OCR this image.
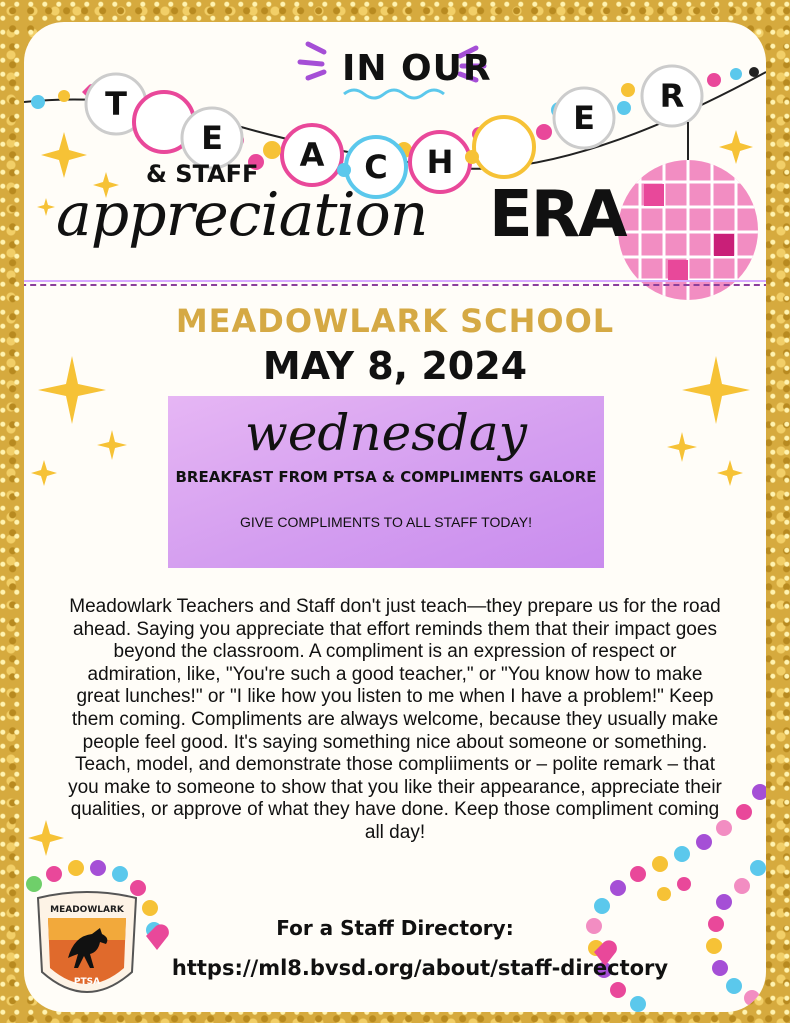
T
E A C H
E
R
IN OUR
& STAFF
appreciation ERA
MEADOWLARK SCHOOL
MAY 8, 2024
wednesday
BREAKFAST FROM PTSA & COMPLIMENTS GALORE
GIVE COMPLIMENTS TO ALL STAFF TODAY!
Meadowlark Teachers and Staff don't just teach—they prepare us for the road ahead. Saying you appreciate that effort reminds them that their impact goes beyond the classroom. A compliment is an expression of respect or admiration, like, "You're such a good teacher," or "You know how to make great lunches!" or "I like how you listen to me when I have a problem!" Keep them coming. Compliments are always welcome, because they usually make people feel good. It's saying something nice about someone or something. Teach, model, and demonstrate those compliiments or – polite remark – that you make to someone to show that you like their appearance, appreciate their qualities, or approve of what they have done. Keep those compliment coming all day!
For a Staff Directory:
https://ml8.bvsd.org/about/staff-directory
MEADOWLARK
PTSA
